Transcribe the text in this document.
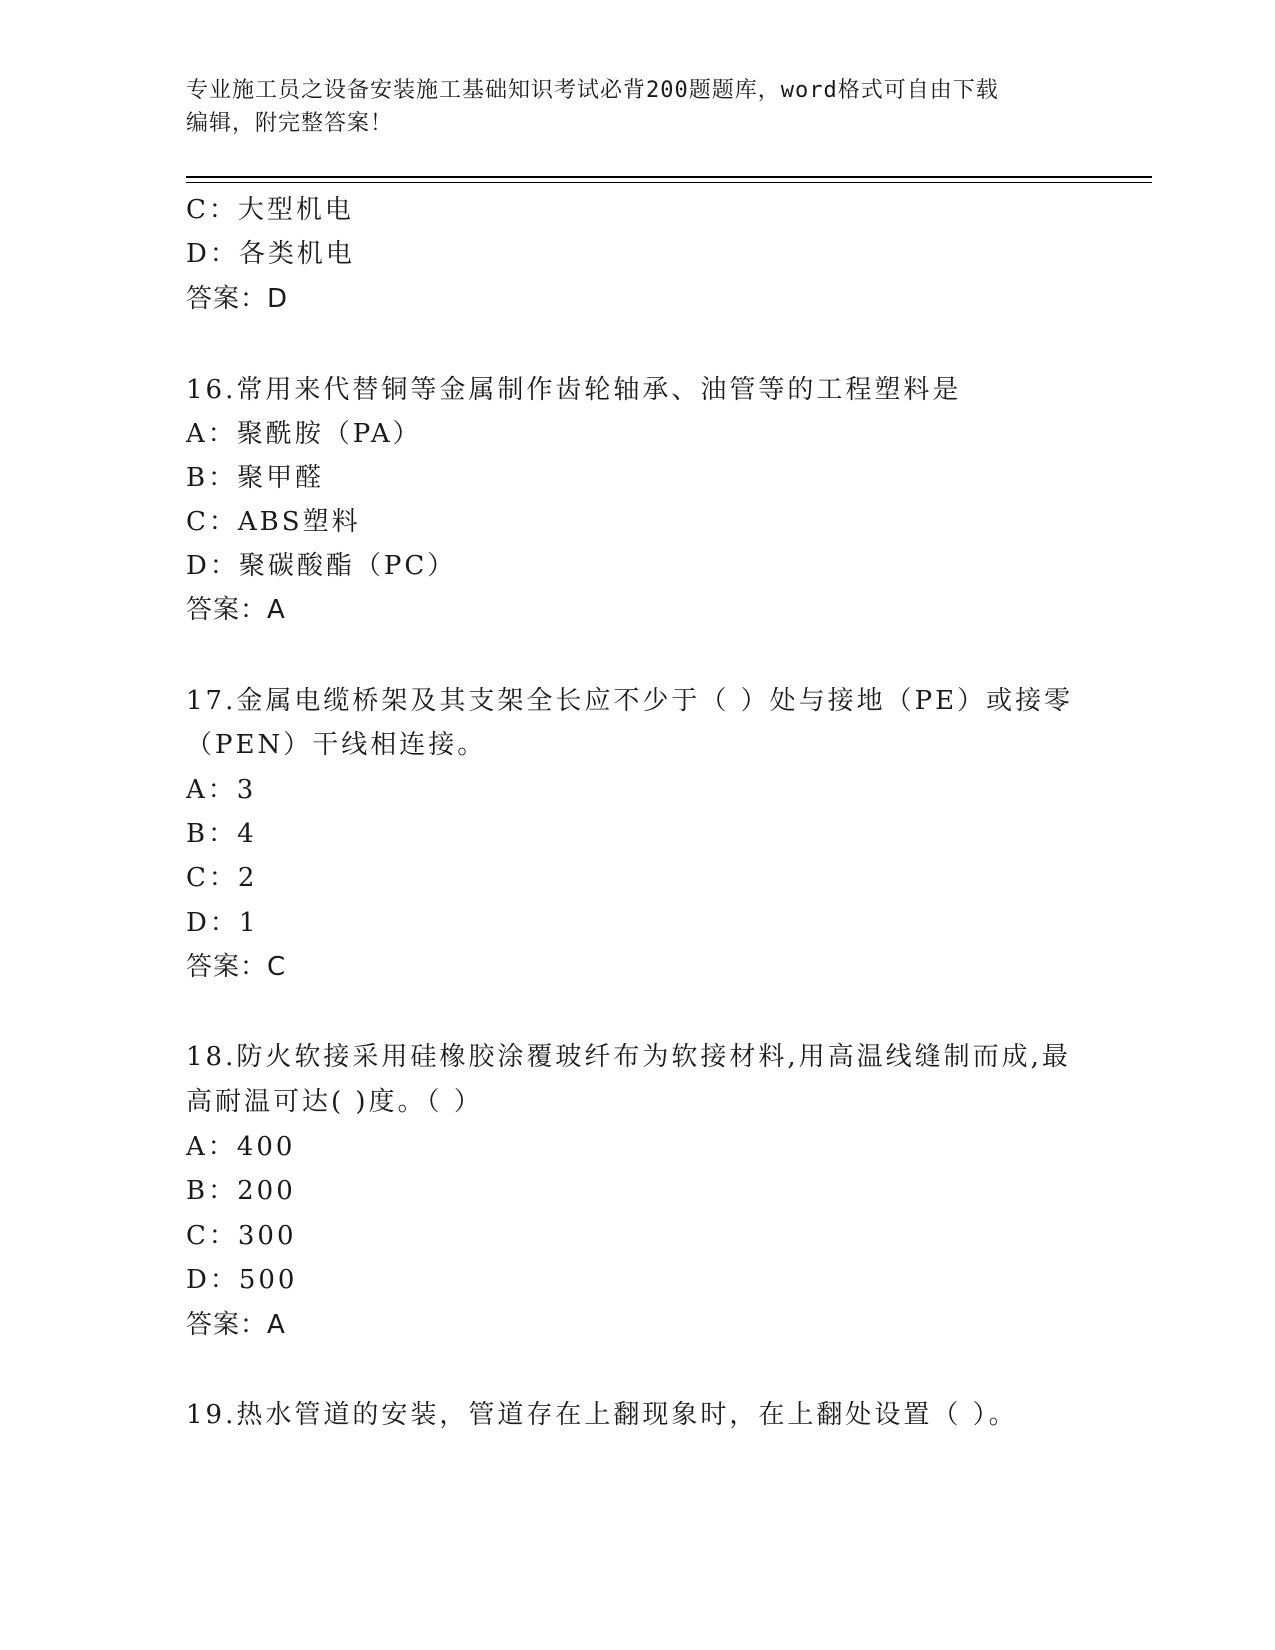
专业施工员之设备安装施工基础知识考试必背200题题库，word格式可自由下载
编辑，附完整答案！
C：大型机电
D：各类机电
答案：D
16.常用来代替铜等金属制作齿轮轴承、油管等的工程塑料是
A：聚酰胺（PA）
B：聚甲醛
C：ABS塑料
D：聚碳酸酯（PC）
答案：A
17.金属电缆桥架及其支架全长应不少于（ ）处与接地（PE）或接零
（PEN）干线相连接。
A：3
B：4
C：2
D：1
答案：C
18.防火软接采用硅橡胶涂覆玻纤布为软接材料,用高温线缝制而成,最
高耐温可达( )度。（ ）
A：400
B：200
C：300
D：500
答案：A
19.热水管道的安装，管道存在上翻现象时，在上翻处设置（ ）。
